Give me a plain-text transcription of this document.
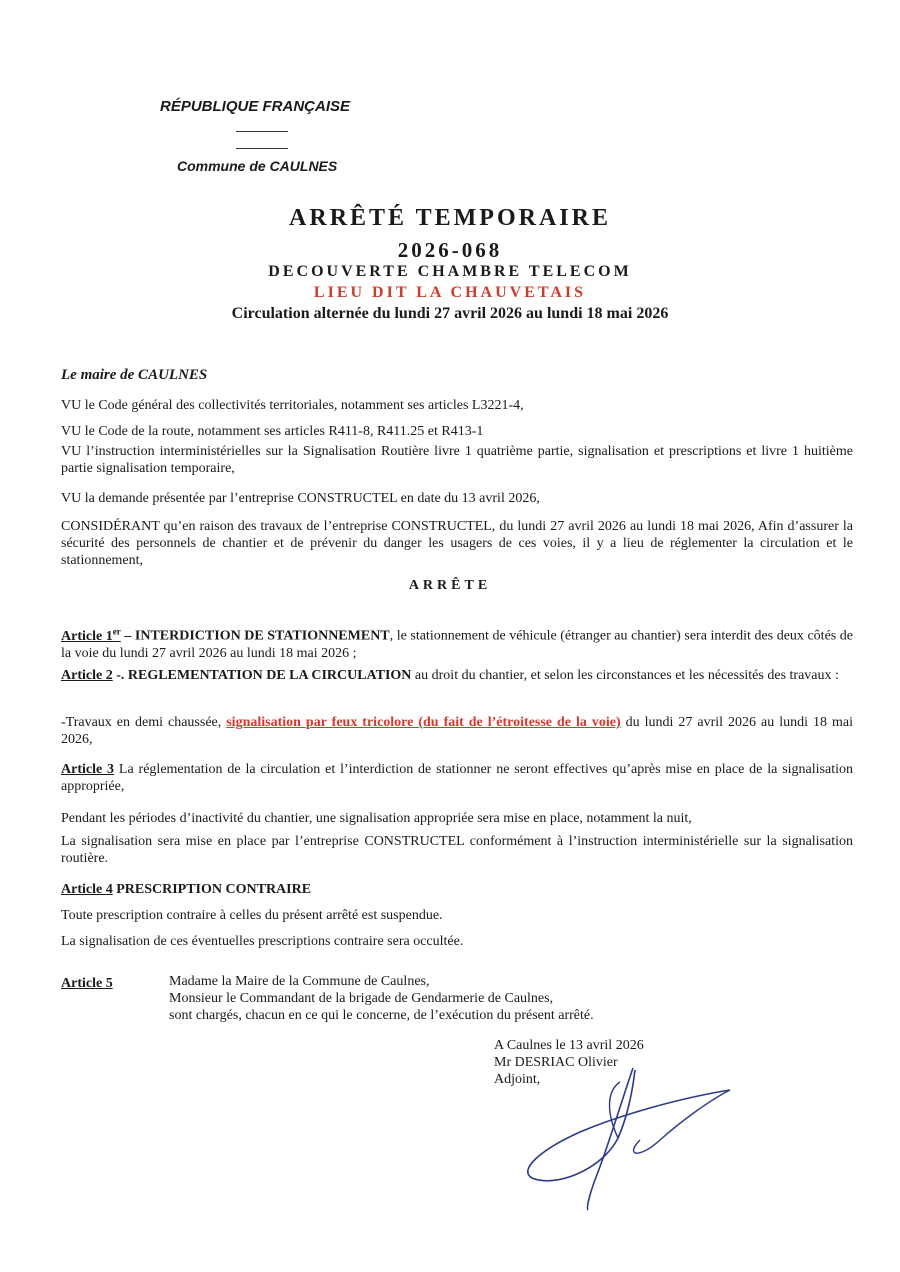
RÉPUBLIQUE FRANÇAISE
Commune de CAULNES
ARRÊTÉ TEMPORAIRE
2026-068
DECOUVERTE CHAMBRE TELECOM
LIEU DIT LA CHAUVETAIS
Circulation alternée du lundi 27 avril 2026 au lundi 18 mai 2026
Le maire de CAULNES
VU le Code général des collectivités territoriales, notamment ses articles L3221-4,
VU le Code de la route, notamment ses articles R411-8, R411.25 et R413-1
VU l’instruction interministérielles sur la Signalisation Routière livre 1 quatrième partie, signalisation et prescriptions et livre 1 huitième partie signalisation temporaire,
VU la demande présentée par l’entreprise CONSTRUCTEL en date du 13 avril 2026,
CONSIDÉRANT qu’en raison des travaux de l’entreprise CONSTRUCTEL, du lundi 27 avril 2026 au lundi 18 mai 2026, Afin d’assurer la sécurité des personnels de chantier et de prévenir du danger les usagers de ces voies, il y a lieu de réglementer la circulation et le stationnement,
ARRÊTE
Article 1er – INTERDICTION DE STATIONNEMENT, le stationnement de véhicule (étranger au chantier) sera interdit des deux côtés de la voie du lundi 27 avril 2026 au lundi 18 mai 2026 ;
Article 2 -. REGLEMENTATION DE LA CIRCULATION au droit du chantier, et selon les circonstances et les nécessités des travaux :
-Travaux en demi chaussée, signalisation par feux tricolore (du fait de l’étroitesse de la voie) du lundi 27 avril 2026 au lundi 18 mai 2026,
Article 3 La réglementation de la circulation et l’interdiction de stationner ne seront effectives qu’après mise en place de la signalisation appropriée,
Pendant les périodes d’inactivité du chantier, une signalisation appropriée sera mise en place, notamment la nuit,
La signalisation sera mise en place par l’entreprise CONSTRUCTEL conformément à l’instruction interministérielle sur la signalisation routière.
Article 4 PRESCRIPTION CONTRAIRE
Toute prescription contraire à celles du présent arrêté est suspendue.
La signalisation de ces éventuelles prescriptions contraire sera occultée.
Article 5	Madame la Maire de la Commune de Caulnes,
Monsieur le Commandant de la brigade de Gendarmerie de Caulnes,
sont chargés, chacun en ce qui le concerne, de l’exécution du présent arrêté.
A Caulnes le 13 avril 2026
Mr DESRIAC Olivier
Adjoint,
